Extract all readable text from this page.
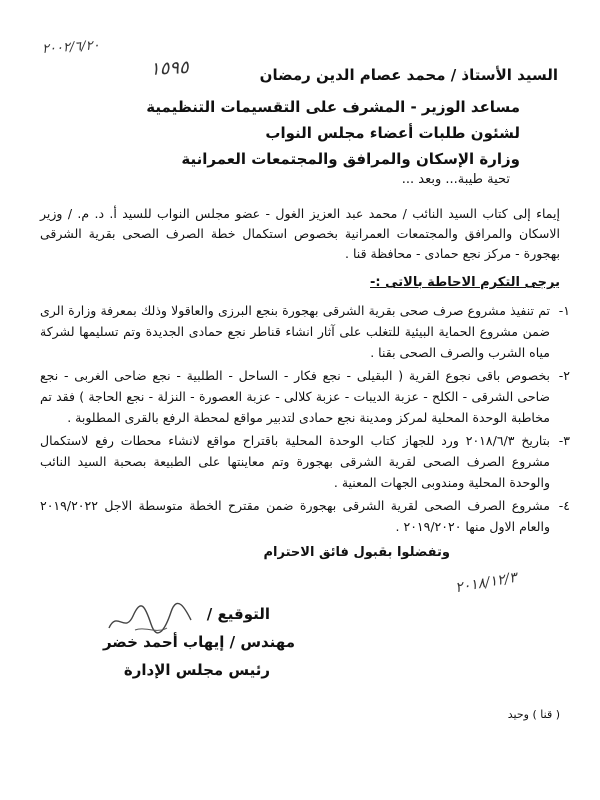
٢٠٠٢/٦/٢٠
١٥٩٥	السيد الأستاذ / محمد عصام الدين رمضان
مساعد الوزير - المشرف على التقسيمات التنظيمية
لشئون طلبات أعضاء مجلس النواب
وزارة الإسكان والمرافق والمجتمعات العمرانية
تحية طيبة... وبعد ...
إيماء إلى كتاب السيد النائب / محمد عبد العزيز الغول - عضو مجلس النواب للسيد أ. د. م. / وزير الاسكان والمرافق والمجتمعات العمرانية بخصوص استكمال خطة الصرف الصحى بقرية الشرقى بهجورة - مركز نجع حمادى - محافظة قنا .
يرجى التكرم الاحاطة بالاتى :-
١-
تم تنفيذ مشروع صرف صحى بقرية الشرقى بهجورة بنجع البرزى والعاقولا وذلك بمعرفة وزارة الرى ضمن مشروع الحماية البيئية للتغلب على آثار انشاء قناطر نجع حمادى الجديدة وتم تسليمها لشركة مياه الشرب والصرف الصحى بقنا .
٢-
بخصوص باقى نجوع القرية ( البقيلى - نجع فكار - الساحل - الطلبية - نجع ضاحى الغربى - نجع ضاحى الشرقى - الكلح - عزبة الديبات - عزبة كلالى - عزبة العصورة - النزلة - نجع الحاجة ) فقد تم مخاطبة الوحدة المحلية لمركز ومدينة نجع حمادى لتدبير مواقع لمحطة الرفع بالقرى المطلوبة .
٣-
بتاريخ ٢٠١٨/٦/٣ ورد للجهاز كتاب الوحدة المحلية باقتراح مواقع لانشاء محطات رفع لاستكمال مشروع الصرف الصحى لقرية الشرقى بهجورة وتم معاينتها على الطبيعة بصحبة السيد النائب والوحدة المحلية ومندوبى الجهات المعنية .
٤-
مشروع الصرف الصحى لقرية الشرقى بهجورة ضمن مقترح الخطة متوسطة الاجل ٢٠١٩/٢٠٢٢ والعام الاول منها ٢٠١٩/٢٠٢٠ .
وتفضلوا بقبول فائق الاحترام
٢٠١٨/١٢/٣
التوقيع /
مهندس / إيهاب أحمد خضر
رئيس مجلس الإدارة
( قنا ) وحيد
